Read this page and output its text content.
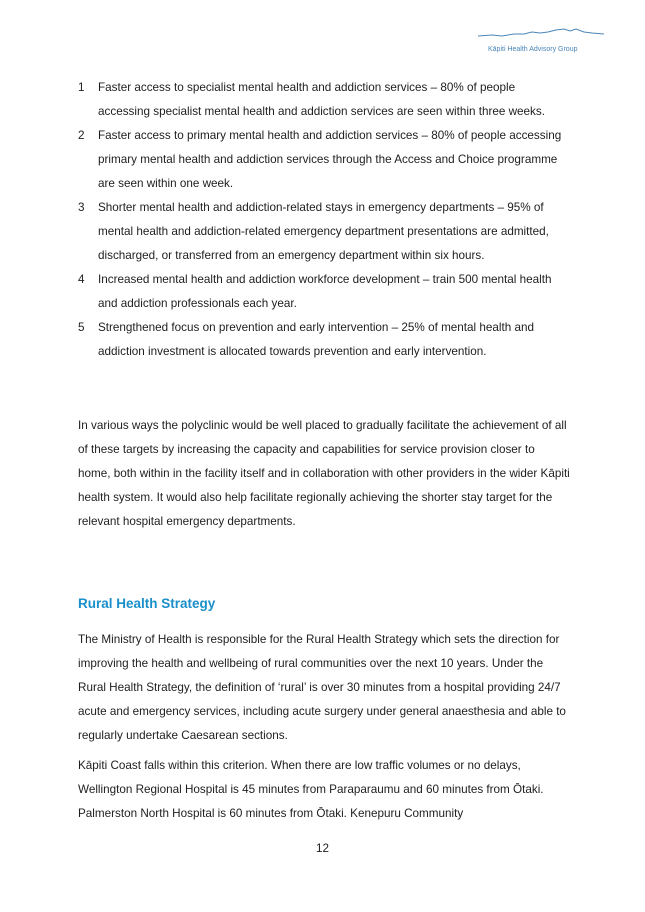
Kāpiti Health Advisory Group
1 Faster access to specialist mental health and addiction services – 80% of people accessing specialist mental health and addiction services are seen within three weeks.
2 Faster access to primary mental health and addiction services – 80% of people accessing primary mental health and addiction services through the Access and Choice programme are seen within one week.
3 Shorter mental health and addiction-related stays in emergency departments – 95% of mental health and addiction-related emergency department presentations are admitted, discharged, or transferred from an emergency department within six hours.
4 Increased mental health and addiction workforce development – train 500 mental health and addiction professionals each year.
5 Strengthened focus on prevention and early intervention – 25% of mental health and addiction investment is allocated towards prevention and early intervention.

In various ways the polyclinic would be well placed to gradually facilitate the achievement of all of these targets by increasing the capacity and capabilities for service provision closer to home, both within in the facility itself and in collaboration with other providers in the wider Kāpiti health system. It would also help facilitate regionally achieving the shorter stay target for the relevant hospital emergency departments.

Rural Health Strategy

The Ministry of Health is responsible for the Rural Health Strategy which sets the direction for improving the health and wellbeing of rural communities over the next 10 years. Under the Rural Health Strategy, the definition of ‘rural’ is over 30 minutes from a hospital providing 24/7 acute and emergency services, including acute surgery under general anaesthesia and able to regularly undertake Caesarean sections.

Kāpiti Coast falls within this criterion. When there are low traffic volumes or no delays, Wellington Regional Hospital is 45 minutes from Paraparaumu and 60 minutes from Ōtaki. Palmerston North Hospital is 60 minutes from Ōtaki. Kenepuru Community

12
